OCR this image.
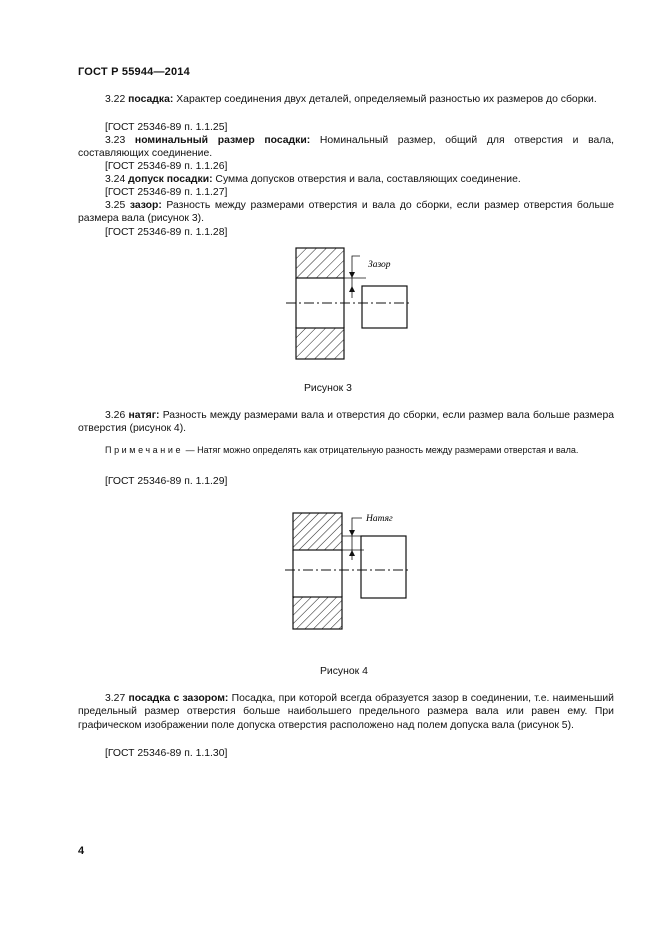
ГОСТ Р 55944—2014
3.22 посадка: Характер соединения двух деталей, определяемый разностью их размеров до сборки.
[ГОСТ 25346-89 п. 1.1.25]
3.23 номинальный размер посадки: Номинальный размер, общий для отверстия и вала, составляющих соединение.
[ГОСТ 25346-89 п. 1.1.26]
3.24 допуск посадки: Сумма допусков отверстия и вала, составляющих соединение.
[ГОСТ 25346-89 п. 1.1.27]
3.25 зазор: Разность между размерами отверстия и вала до сборки, если размер отверстия больше размера вала (рисунок 3).
[ГОСТ 25346-89 п. 1.1.28]
Зазор
Рисунок 3
3.26 натяг: Разность между размерами вала и отверстия до сборки, если размер вала больше размера отверстия (рисунок 4).
Примечание — Натяг можно определять как отрицательную разность между размерами отверстая и вала.
[ГОСТ 25346-89 п. 1.1.29]
Натяг
Рисунок 4
3.27 посадка с зазором: Посадка, при которой всегда образуется зазор в соединении, т.е. наименьший предельный размер отверстия больше наибольшего предельного размера вала или равен ему. При графическом изображении поле допуска отверстия расположено над полем допуска вала (рисунок 5).
[ГОСТ 25346-89 п. 1.1.30]
4
